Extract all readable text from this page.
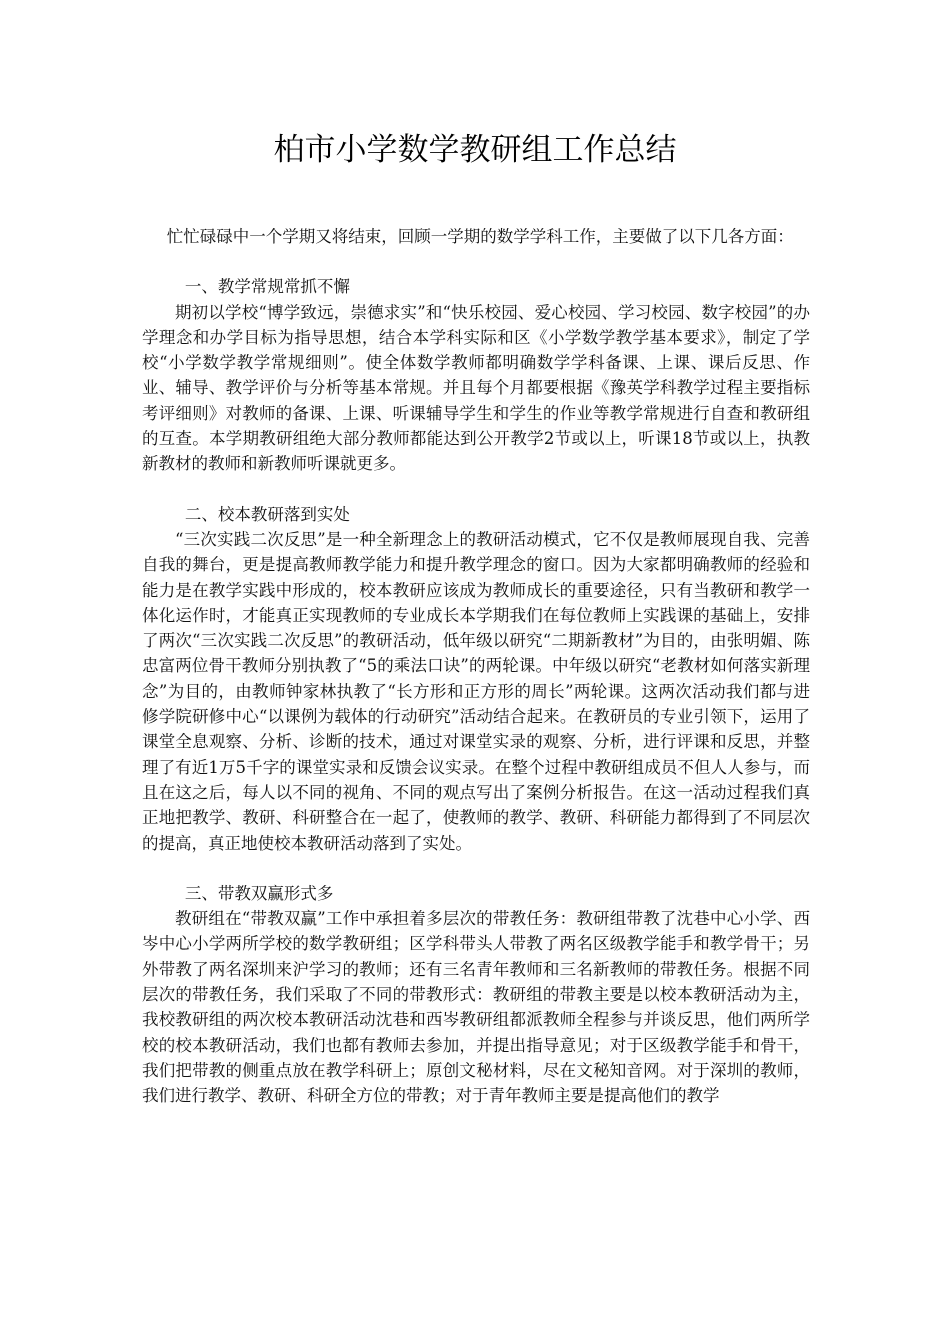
柏市小学数学教研组工作总结

忙忙碌碌中一个学期又将结束，回顾一学期的数学学科工作，主要做了以下几各方面：

一、教学常规常抓不懈

期初以学校“博学致远，崇德求实”和“快乐校园、爱心校园、学习校园、数字校园”的办学理念和办学目标为指导思想，结合本学科实际和区《小学数学教学基本要求》，制定了学校“小学数学教学常规细则”。使全体数学教师都明确数学学科备课、上课、课后反思、作业、辅导、教学评价与分析等基本常规。并且每个月都要根据《豫英学科教学过程主要指标考评细则》对教师的备课、上课、听课辅导学生和学生的作业等教学常规进行自查和教研组的互查。本学期教研组绝大部分教师都能达到公开教学2节或以上，听课18节或以上，执教新教材的教师和新教师听课就更多。

二、校本教研落到实处

“三次实践二次反思”是一种全新理念上的教研活动模式，它不仅是教师展现自我、完善自我的舞台，更是提高教师教学能力和提升教学理念的窗口。因为大家都明确教师的经验和能力是在教学实践中形成的，校本教研应该成为教师成长的重要途径，只有当教研和教学一体化运作时，才能真正实现教师的专业成长本学期我们在每位教师上实践课的基础上，安排了两次“三次实践二次反思”的教研活动，低年级以研究“二期新教材”为目的，由张明媚、陈忠富两位骨干教师分别执教了“5的乘法口诀”的两轮课。中年级以研究“老教材如何落实新理念”为目的，由教师钟家林执教了“长方形和正方形的周长”两轮课。这两次活动我们都与进修学院研修中心“以课例为载体的行动研究”活动结合起来。在教研员的专业引领下，运用了课堂全息观察、分析、诊断的技术，通过对课堂实录的观察、分析，进行评课和反思，并整理了有近1万5千字的课堂实录和反馈会议实录。在整个过程中教研组成员不但人人参与，而且在这之后，每人以不同的视角、不同的观点写出了案例分析报告。在这一活动过程我们真正地把教学、教研、科研整合在一起了，使教师的教学、教研、科研能力都得到了不同层次的提高，真正地使校本教研活动落到了实处。

三、带教双赢形式多

教研组在“带教双赢”工作中承担着多层次的带教任务：教研组带教了沈巷中心小学、西岑中心小学两所学校的数学教研组；区学科带头人带教了两名区级教学能手和教学骨干；另外带教了两名深圳来沪学习的教师；还有三名青年教师和三名新教师的带教任务。根据不同层次的带教任务，我们采取了不同的带教形式：教研组的带教主要是以校本教研活动为主，我校教研组的两次校本教研活动沈巷和西岑教研组都派教师全程参与并谈反思，他们两所学校的校本教研活动，我们也都有教师去参加，并提出指导意见；对于区级教学能手和骨干，我们把带教的侧重点放在教学科研上；原创文秘材料，尽在文秘知音网。对于深圳的教师，我们进行教学、教研、科研全方位的带教；对于青年教师主要是提高他们的教学
